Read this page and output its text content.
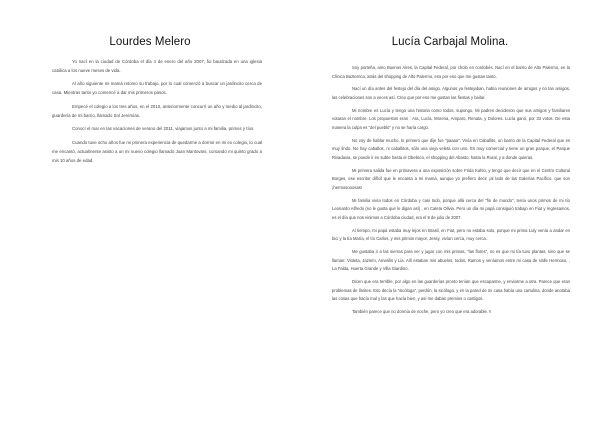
Lourdes Melero

Yo nací en la ciudad de Córdoba el día 4 de enero del año 2007, fui bautizada en una iglesia católica a los nueve meses de vida.

Al año siguiente mi mamá retomo su trabajo, por lo cual comenzó a buscar un jardincito cerca de casa. Mientras tanto yo comencé a dar mis primeros pasos.

Empecé el colegio a los tres años, en el 2010, anteriormente concurrí un año y medio al jardincito, guardería de mi barrio, llamado Sol Jeremías.

Conocí el mar en las vacaciones de verano del 2011, viajamos junto a mi familia, primos y tíos.

Cuando tuve ocho años fue mi primera experiencia de quedarme a dormir en mi ex colegio, lo cual me encantó, actualmente asisto a un mi nuevo colegio llamado Juan Mantovani, cursando mi quinto grado a mis 10 años de edad.

Lucía Carbajal Molina.

Soy porteña, amo Buenos Aires, la Capital Federal, por cholo en cordobés. Nací en el barrio de Alto Palermo, en la Clínica Bazterrica, atrás del shopping de Alto Palermo, eso por eso que me gustan tanto.

Nací un día antes del festejo del día del amigo. Algunos ya festejaban, había reuniones de amigos y no tan amigos, las celebraciones son a veces así. Creo que por eso me gustan las fiestas y bailar.

Mi nombre es Lucía y tengo una historia como todos, supongo. Mi padres decidieron que sus amigos y familiares votaran el nombre. Los propuestos eran : Ara, Lucía, Morena, Amparo, Renata, y Dolores. Lucía ganó, por 33 votos. De esta manera la culpa es "del pueblo" y no se haría cargo.

No voy de hablar mucho, lo primero que dije fue "paaaa", Vivía en Caballito, un barrio de la Capital Federal que es muy lindo. No hay caballos, ni caballitos, sólo una vieja veleta con uno. Es muy comercial y tiene un gran parque, el Parque Rivadavia, se puede ir en subte hasta el Obelisco, el shopping del Abasto, hasta la Rural, y a donde quieras.

Mi primera salida fue en primavera a una exposición sobre Frida Kahlo, y tengo que decir que en el Centro Cultural Borges, ese escritor difícil que le encanta a mi mamá, aunque yo prefiero decir ¡al lado de las Galerías Pacífico, que son ¡hermosooosas!

Mi familia vivía todos en Córdoba y casi todo, porque allá cerca del "fin de mundo", tenía unos primos de mi tío Leonardo Alfredo (no le gusta que le digan así) , en Caleta Olivia. Pero un día mi papá consiguió trabajo en Fiat y regresamos, es el día que nos vinimos a Córdoba ciudad, era el 9 de julio de 2007.

Al tiempo, mi papá estaba muy lejos en Brasil, en Fiat, pero no estaba solo, porque mi prima Luly venía a andar en bici y la tía María, el tío Carlos, y mis primos mayor, Jessy, vivían cerca, muy cerca.

Me gustaba ir a las sierras para ver y jugar con mis primas, "las flores", no es que mi tía tuvo plantas, sino que se llaman: Violeta, Jazmín, Amarilis y Lia. Allí estaban mis abuelos, todos, Ramos y veníamos entre mi casa de Valle Hermoso, , La Falda, Huerta Grande y Villa Giardino.

Dicen que era terrible, por algo en las guarderías pronto tenían que escaparme, y enviarme a otra. Parece que eran problemas de límites. Eso decía la "sicóloga", perdón, la sicóloga, y en la pared de mi casa había una cartulina, donde anotaba las cosas que hacía mal y las que hacía bien, y así me daban premios o castigos.

También parece que no dormía de noche, pero yo creo que era adorable. !!
